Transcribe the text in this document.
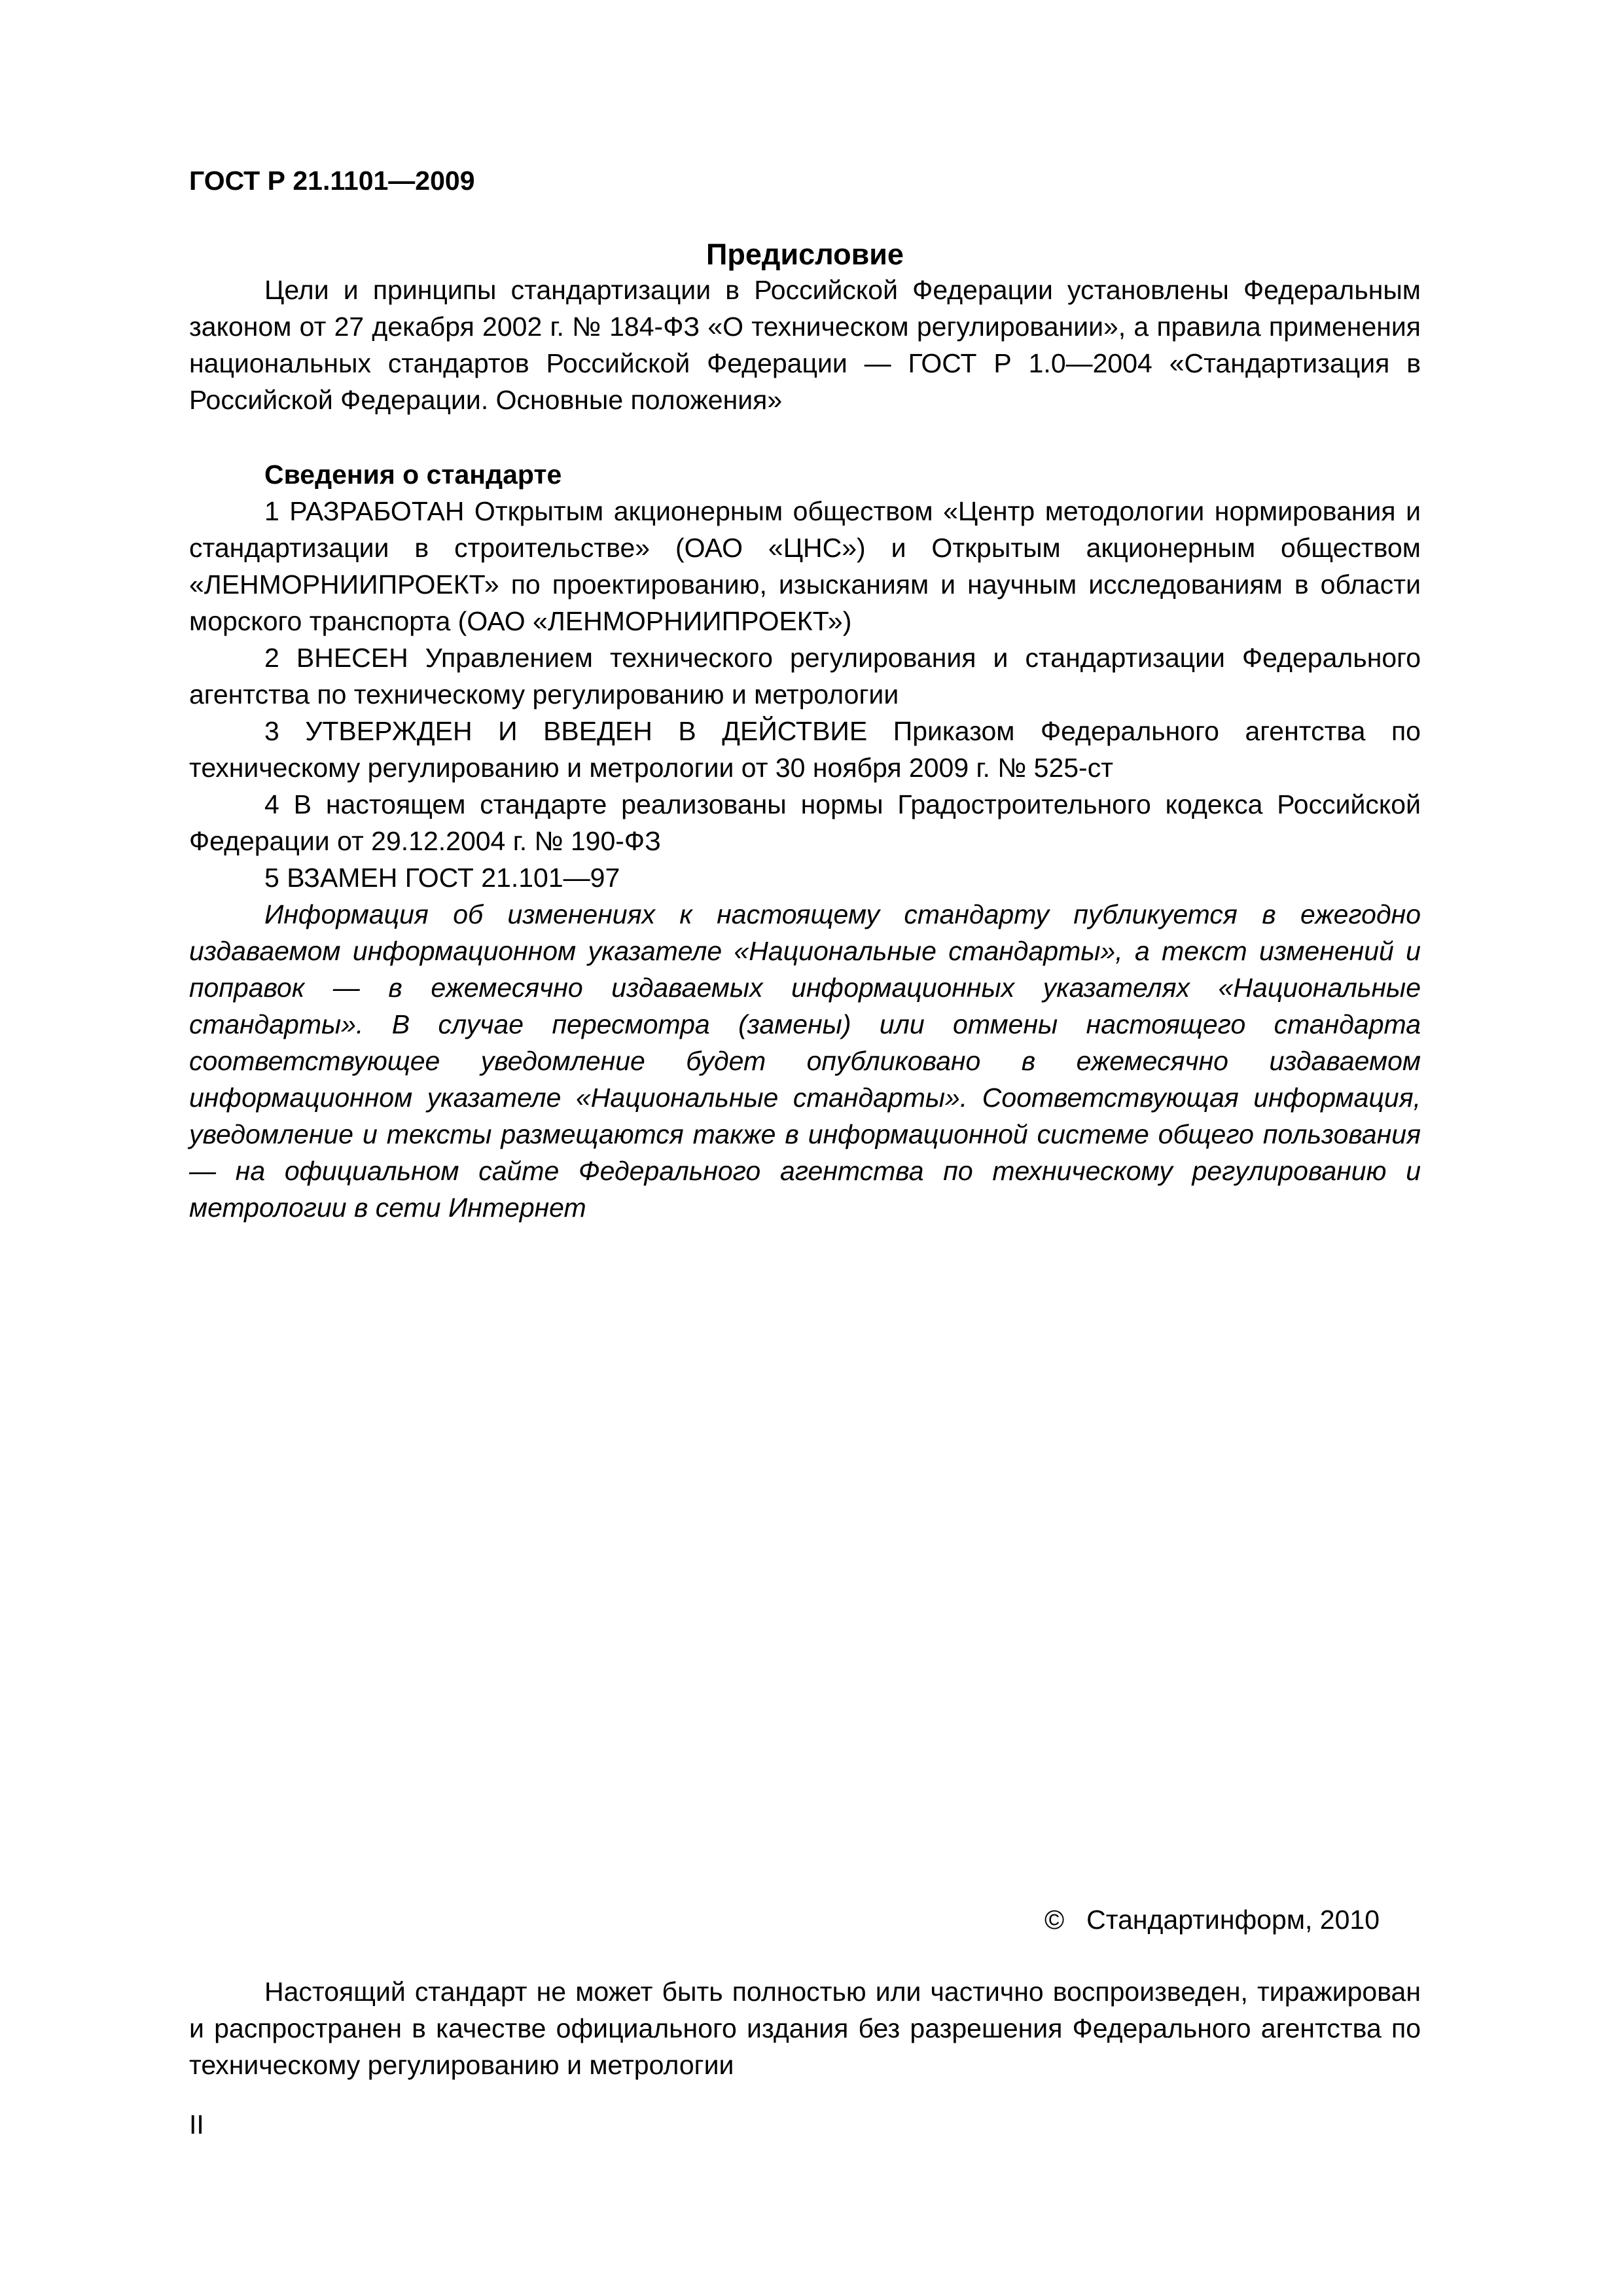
ГОСТ Р 21.1101—2009
Предисловие

Цели и принципы стандартизации в Российской Федерации установлены Федеральным законом от 27 декабря 2002 г. № 184-ФЗ «О техническом регулировании», а правила применения национальных стандартов Российской Федерации — ГОСТ Р 1.0—2004 «Стандартизация в Российской Федерации. Основные положения»

Сведения о стандарте

1 РАЗРАБОТАН Открытым акционерным обществом «Центр методологии нормирования и стандартизации в строительстве» (ОАО «ЦНС») и Открытым акционерным обществом «ЛЕНМОРНИИПРОЕКТ» по проектированию, изысканиям и научным исследованиям в области морского транспорта (ОАО «ЛЕНМОРНИИПРОЕКТ»)

2 ВНЕСЕН Управлением технического регулирования и стандартизации Федерального агентства по техническому регулированию и метрологии

3 УТВЕРЖДЕН И ВВЕДЕН В ДЕЙСТВИЕ Приказом Федерального агентства по техническому регулированию и метрологии от 30 ноября 2009 г. № 525-ст

4 В настоящем стандарте реализованы нормы Градостроительного кодекса Российской Федерации от 29.12.2004 г. № 190-ФЗ

5 ВЗАМЕН ГОСТ 21.101—97

Информация об изменениях к настоящему стандарту публикуется в ежегодно издаваемом информационном указателе «Национальные стандарты», а текст изменений и поправок — в ежемесячно издаваемых информационных указателях «Национальные стандарты». В случае пересмотра (замены) или отмены настоящего стандарта соответствующее уведомление будет опубликовано в ежемесячно издаваемом информационном указателе «Национальные стандарты». Соответствующая информация, уведомление и тексты размещаются также в информационной системе общего пользования — на официальном сайте Федерального агентства по техническому регулированию и метрологии в сети Интернет

© Стандартинформ, 2010

Настоящий стандарт не может быть полностью или частично воспроизведен, тиражирован и распространен в качестве официального издания без разрешения Федерального агентства по техническому регулированию и метрологии

II
